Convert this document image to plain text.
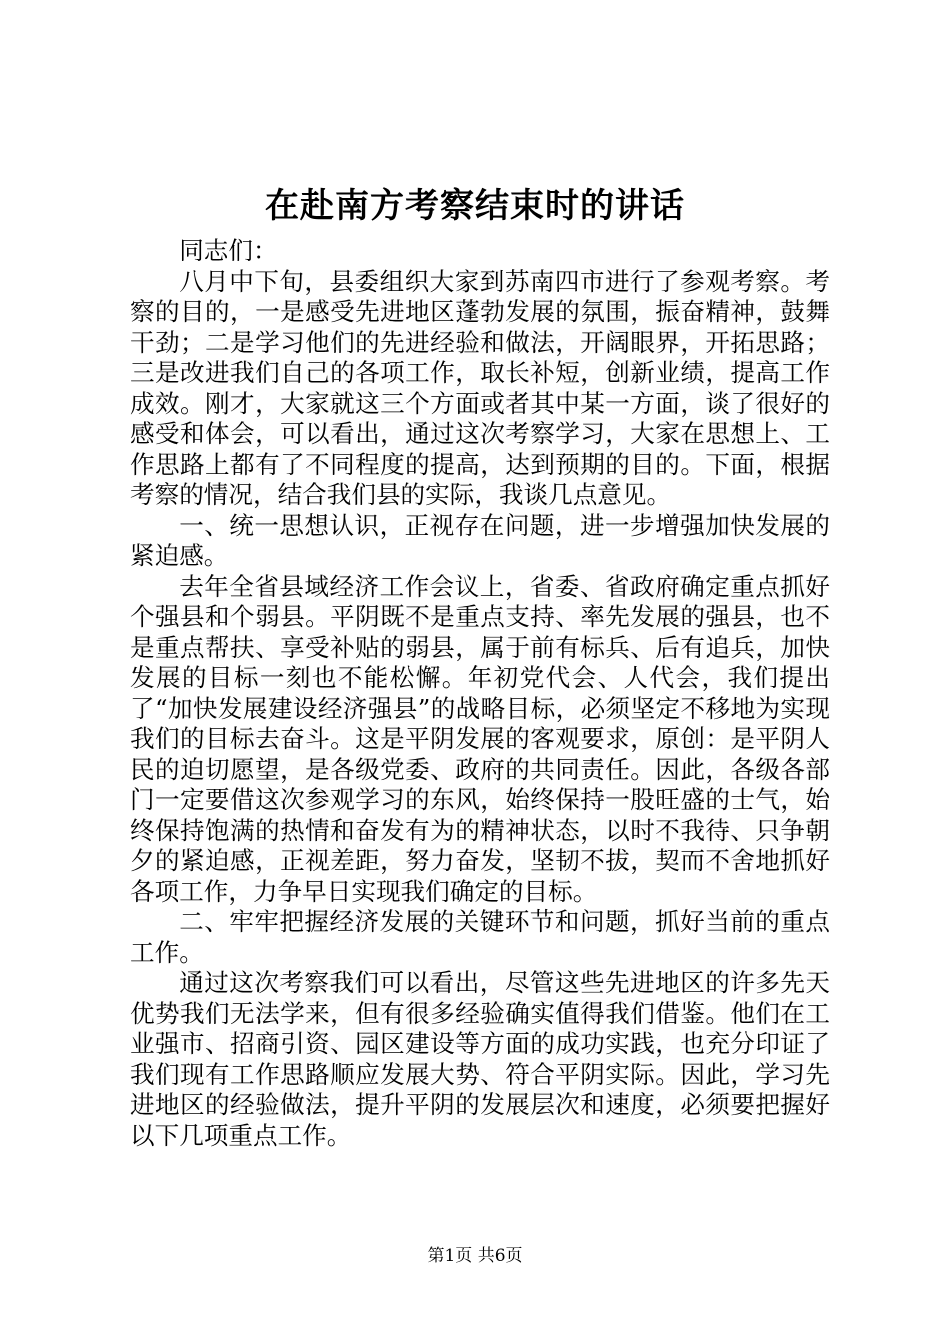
在赴南方考察结束时的讲话

同志们：

八月中下旬，县委组织大家到苏南四市进行了参观考察。考察的目的，一是感受先进地区蓬勃发展的氛围，振奋精神，鼓舞干劲；二是学习他们的先进经验和做法，开阔眼界，开拓思路；三是改进我们自己的各项工作，取长补短，创新业绩，提高工作成效。刚才，大家就这三个方面或者其中某一方面，谈了很好的感受和体会，可以看出，通过这次考察学习，大家在思想上、工作思路上都有了不同程度的提高，达到预期的目的。下面，根据考察的情况，结合我们县的实际，我谈几点意见。

一、统一思想认识，正视存在问题，进一步增强加快发展的紧迫感。

去年全省县域经济工作会议上，省委、省政府确定重点抓好个强县和个弱县。平阴既不是重点支持、率先发展的强县，也不是重点帮扶、享受补贴的弱县，属于前有标兵、后有追兵，加快发展的目标一刻也不能松懈。年初党代会、人代会，我们提出了“加快发展建设经济强县”的战略目标，必须坚定不移地为实现我们的目标去奋斗。这是平阴发展的客观要求，原创：是平阴人民的迫切愿望，是各级党委、政府的共同责任。因此，各级各部门一定要借这次参观学习的东风，始终保持一股旺盛的士气，始终保持饱满的热情和奋发有为的精神状态，以时不我待、只争朝夕的紧迫感，正视差距，努力奋发，坚韧不拔，契而不舍地抓好各项工作，力争早日实现我们确定的目标。

二、牢牢把握经济发展的关键环节和问题，抓好当前的重点工作。

通过这次考察我们可以看出，尽管这些先进地区的许多先天优势我们无法学来，但有很多经验确实值得我们借鉴。他们在工业强市、招商引资、园区建设等方面的成功实践，也充分印证了我们现有工作思路顺应发展大势、符合平阴实际。因此，学习先进地区的经验做法，提升平阴的发展层次和速度，必须要把握好以下几项重点工作。

第1页 共6页
